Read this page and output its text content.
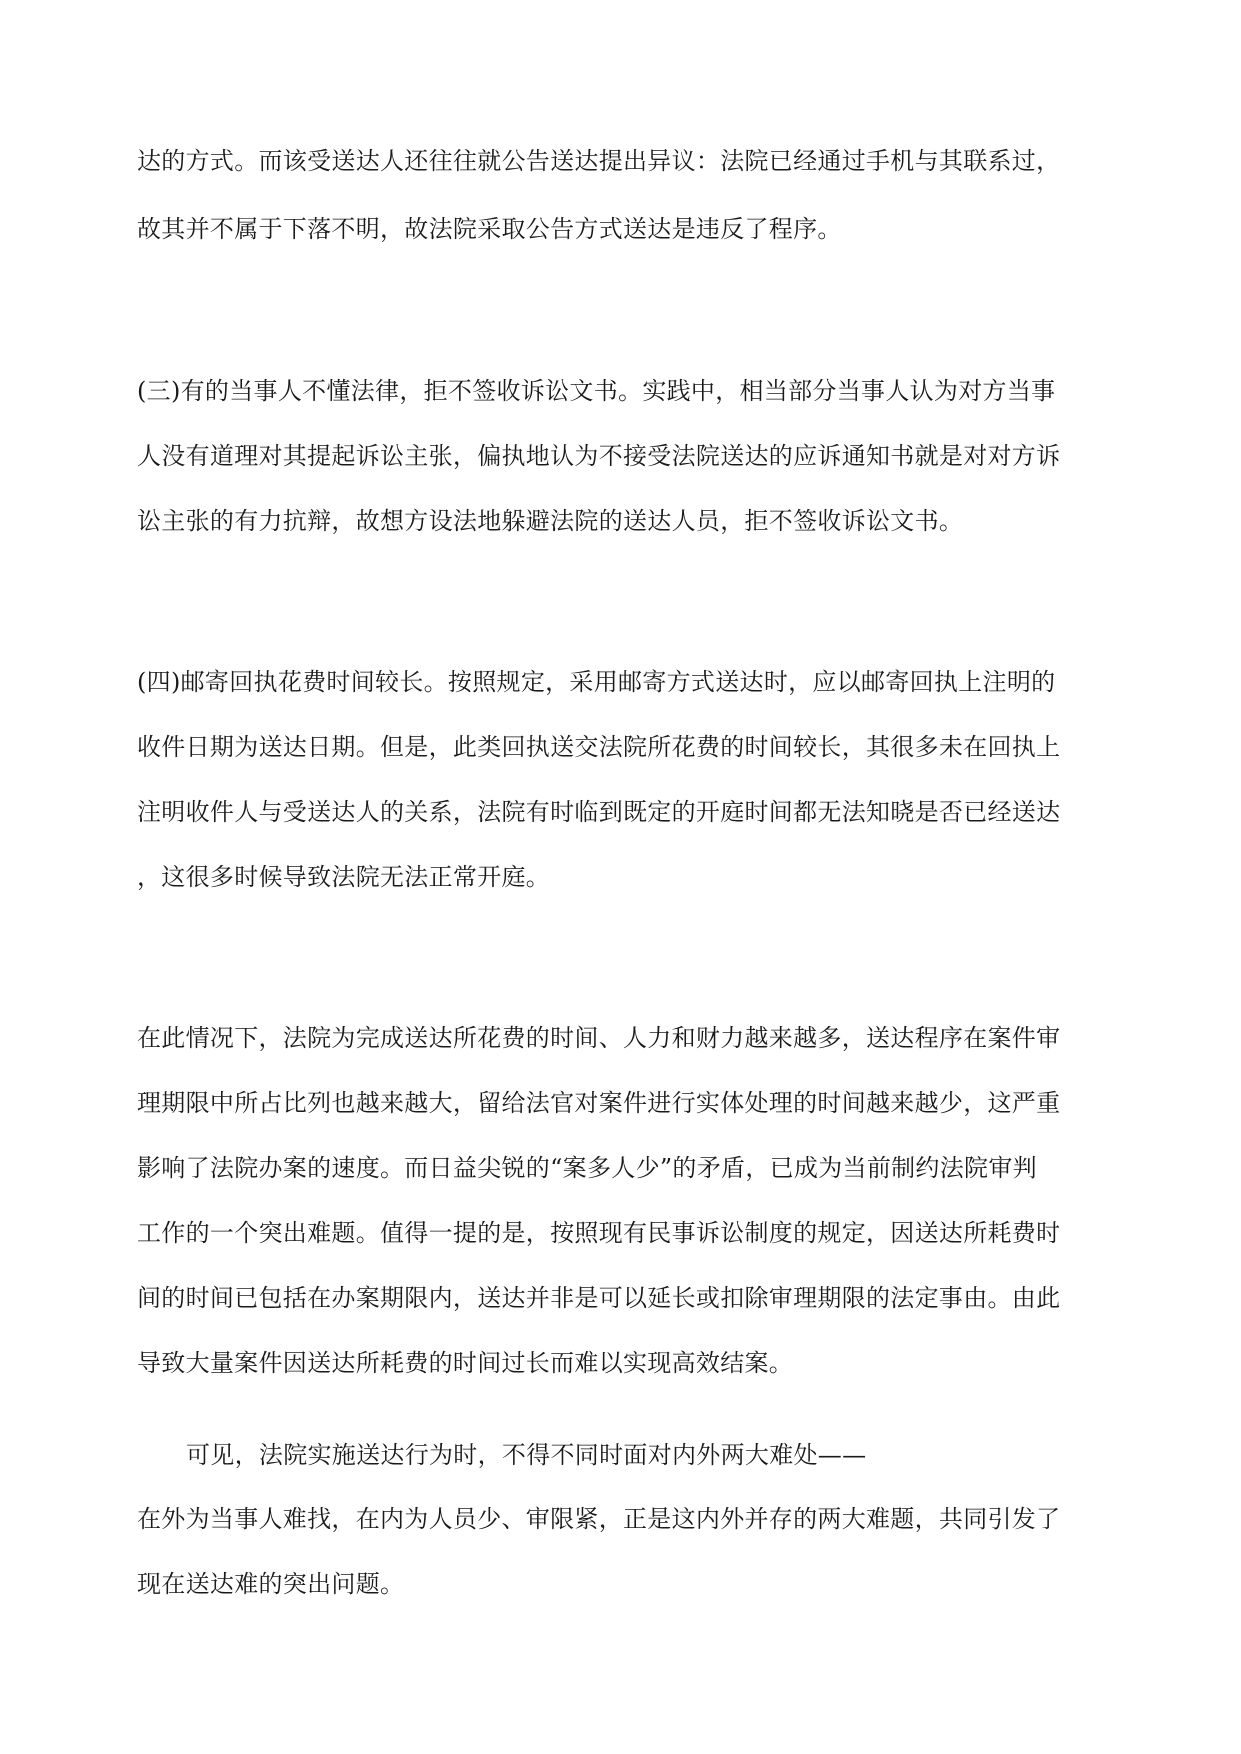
达的方式。而该受送达人还往往就公告送达提出异议：法院已经通过手机与其联系过，
故其并不属于下落不明，故法院采取公告方式送达是违反了程序。
(三)有的当事人不懂法律，拒不签收诉讼文书。实践中，相当部分当事人认为对方当事
人没有道理对其提起诉讼主张，偏执地认为不接受法院送达的应诉通知书就是对对方诉
讼主张的有力抗辩，故想方设法地躲避法院的送达人员，拒不签收诉讼文书。
(四)邮寄回执花费时间较长。按照规定，采用邮寄方式送达时，应以邮寄回执上注明的
收件日期为送达日期。但是，此类回执送交法院所花费的时间较长，其很多未在回执上
注明收件人与受送达人的关系，法院有时临到既定的开庭时间都无法知晓是否已经送达
，这很多时候导致法院无法正常开庭。
在此情况下，法院为完成送达所花费的时间、人力和财力越来越多，送达程序在案件审
理期限中所占比列也越来越大，留给法官对案件进行实体处理的时间越来越少，这严重
影响了法院办案的速度。而日益尖锐的“案多人少”的矛盾，已成为当前制约法院审判
工作的一个突出难题。值得一提的是，按照现有民事诉讼制度的规定，因送达所耗费时
间的时间已包括在办案期限内，送达并非是可以延长或扣除审理期限的法定事由。由此
导致大量案件因送达所耗费的时间过长而难以实现高效结案。
可见，法院实施送达行为时，不得不同时面对内外两大难处——
在外为当事人难找，在内为人员少、审限紧，正是这内外并存的两大难题，共同引发了
现在送达难的突出问题。
